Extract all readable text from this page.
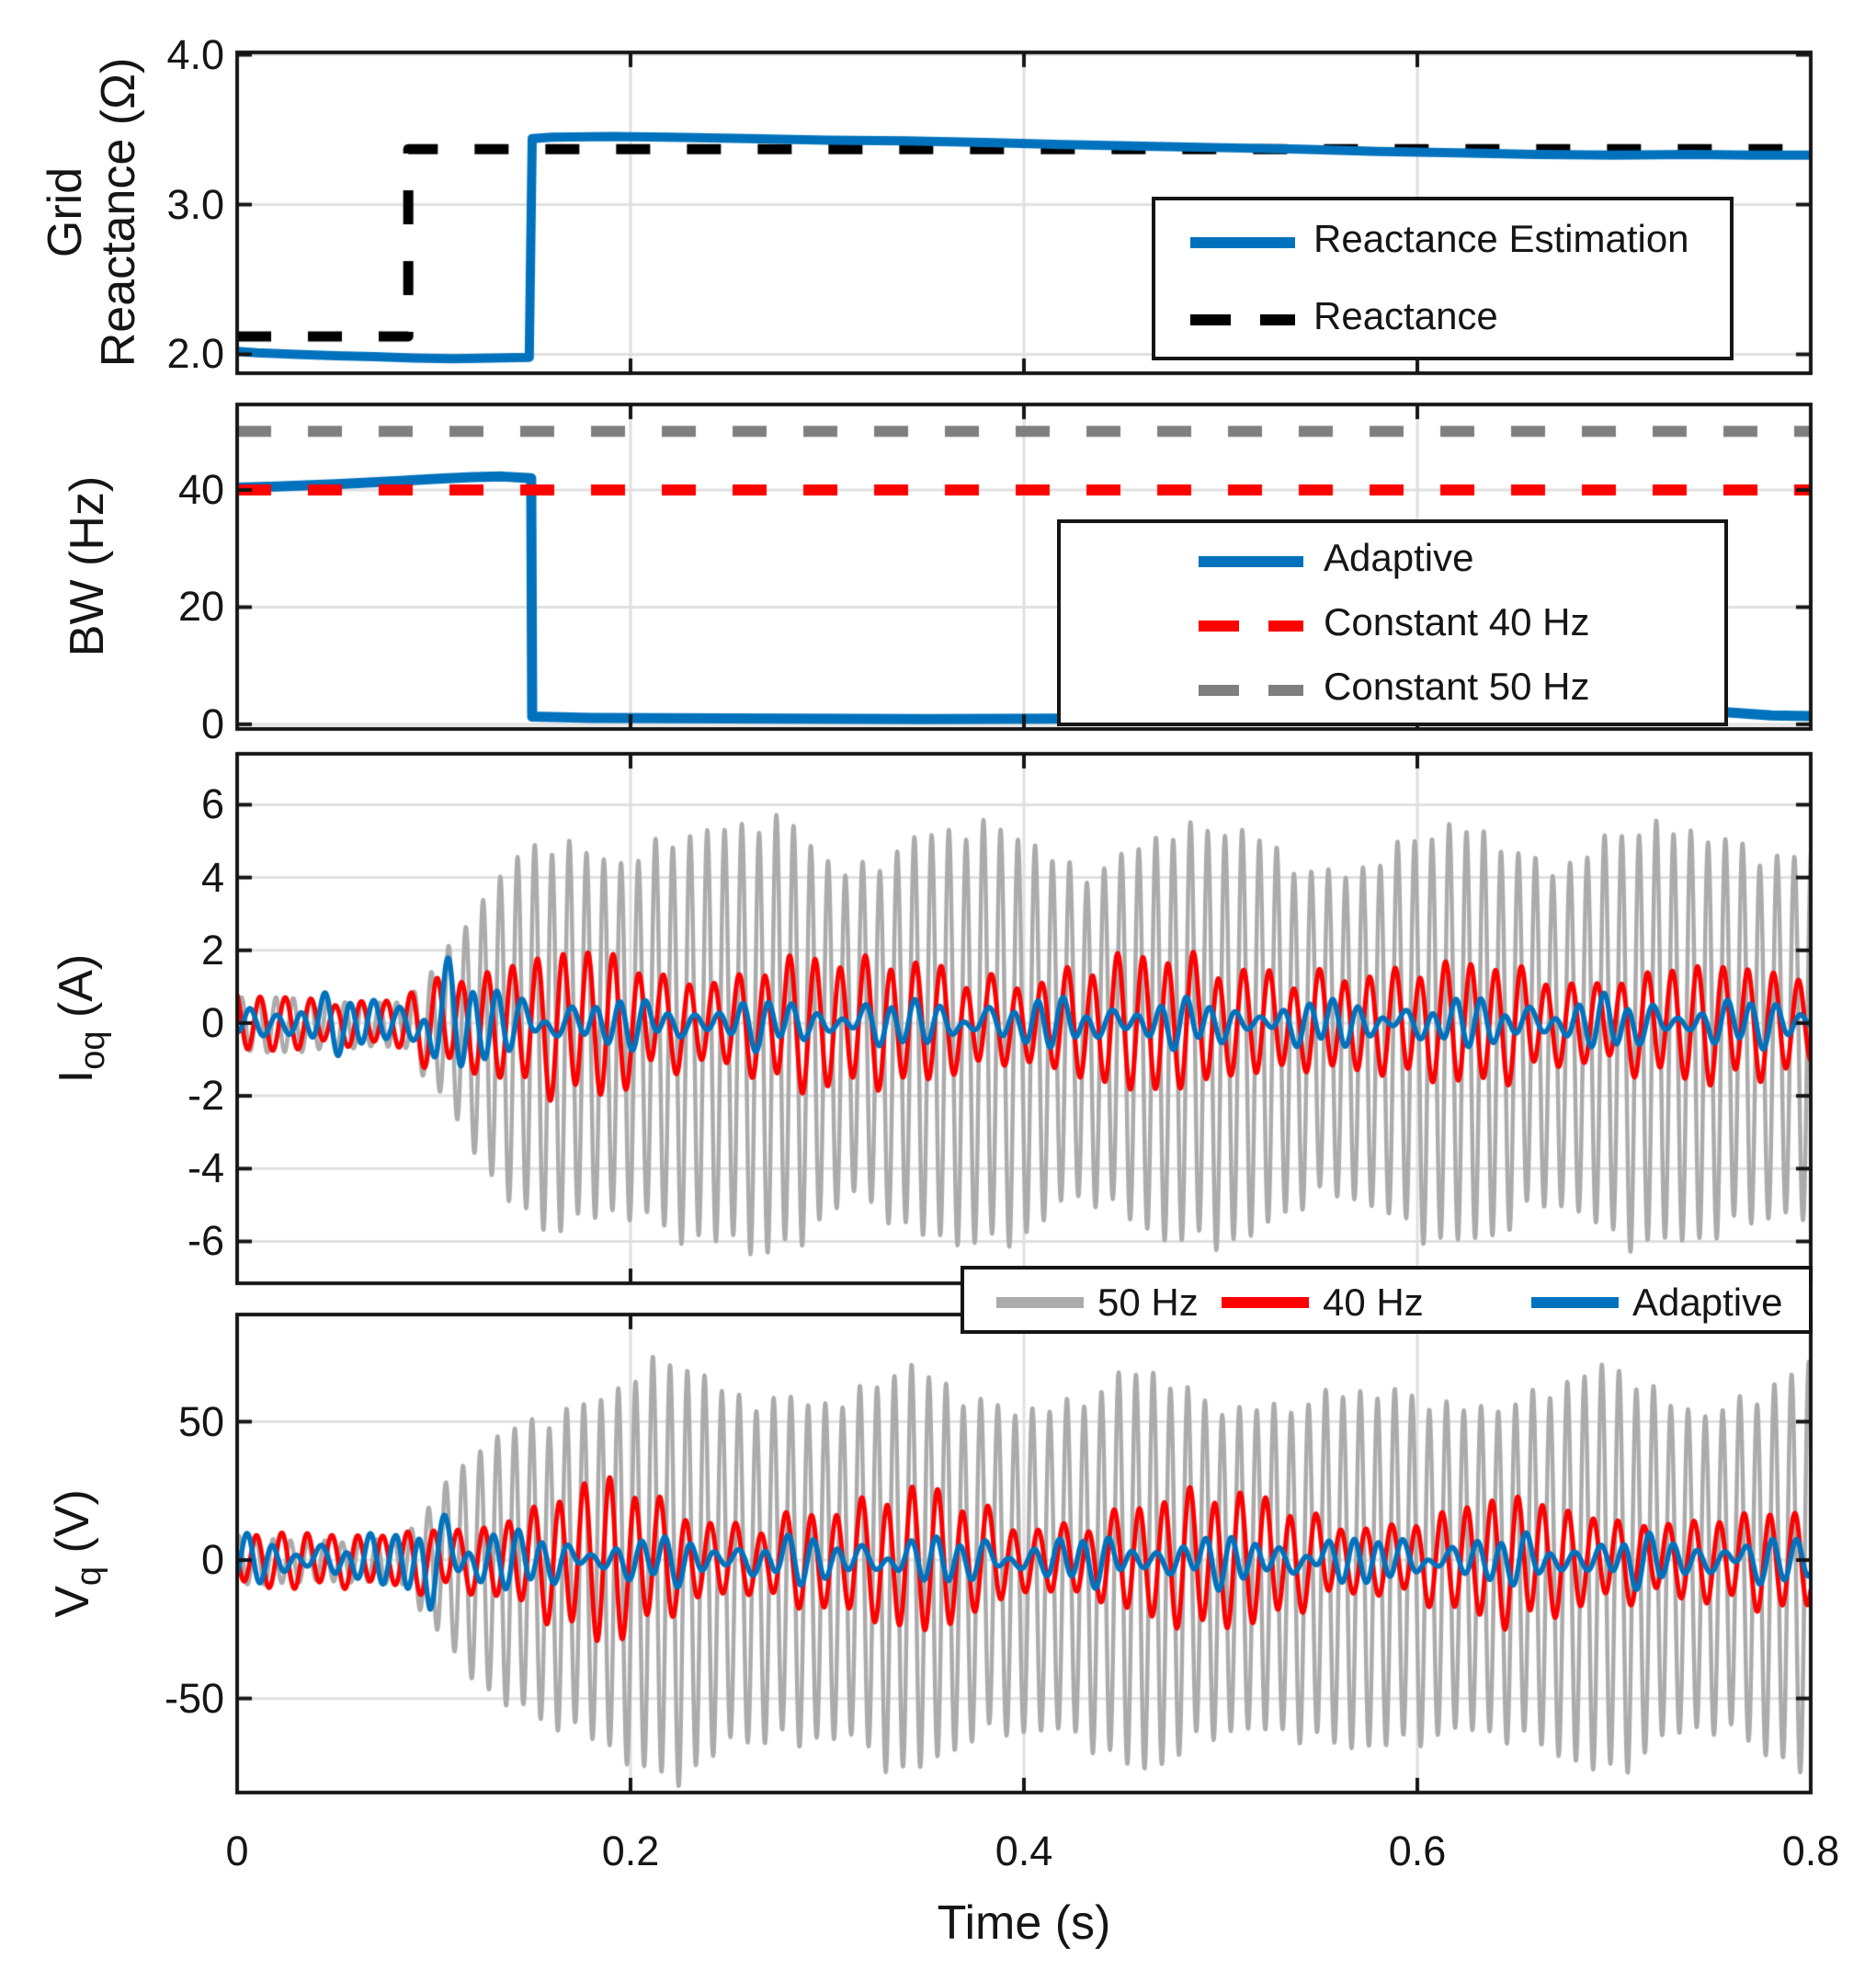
Grid
Reactance (Ω)
BW (Hz)
$I_{oq}$ (A)
$V_q$ (V)
Time (s)
2.0
3.0
4.0
0
20
40
-6
-4
-2
0
2
4
6
-50
0
50
0	0.2	0.4	0.6	0.8
Reactance Estimation
Reactance
Adaptive
Constant 40 Hz
Constant 50 Hz
50 Hz	40 Hz	Adaptive
